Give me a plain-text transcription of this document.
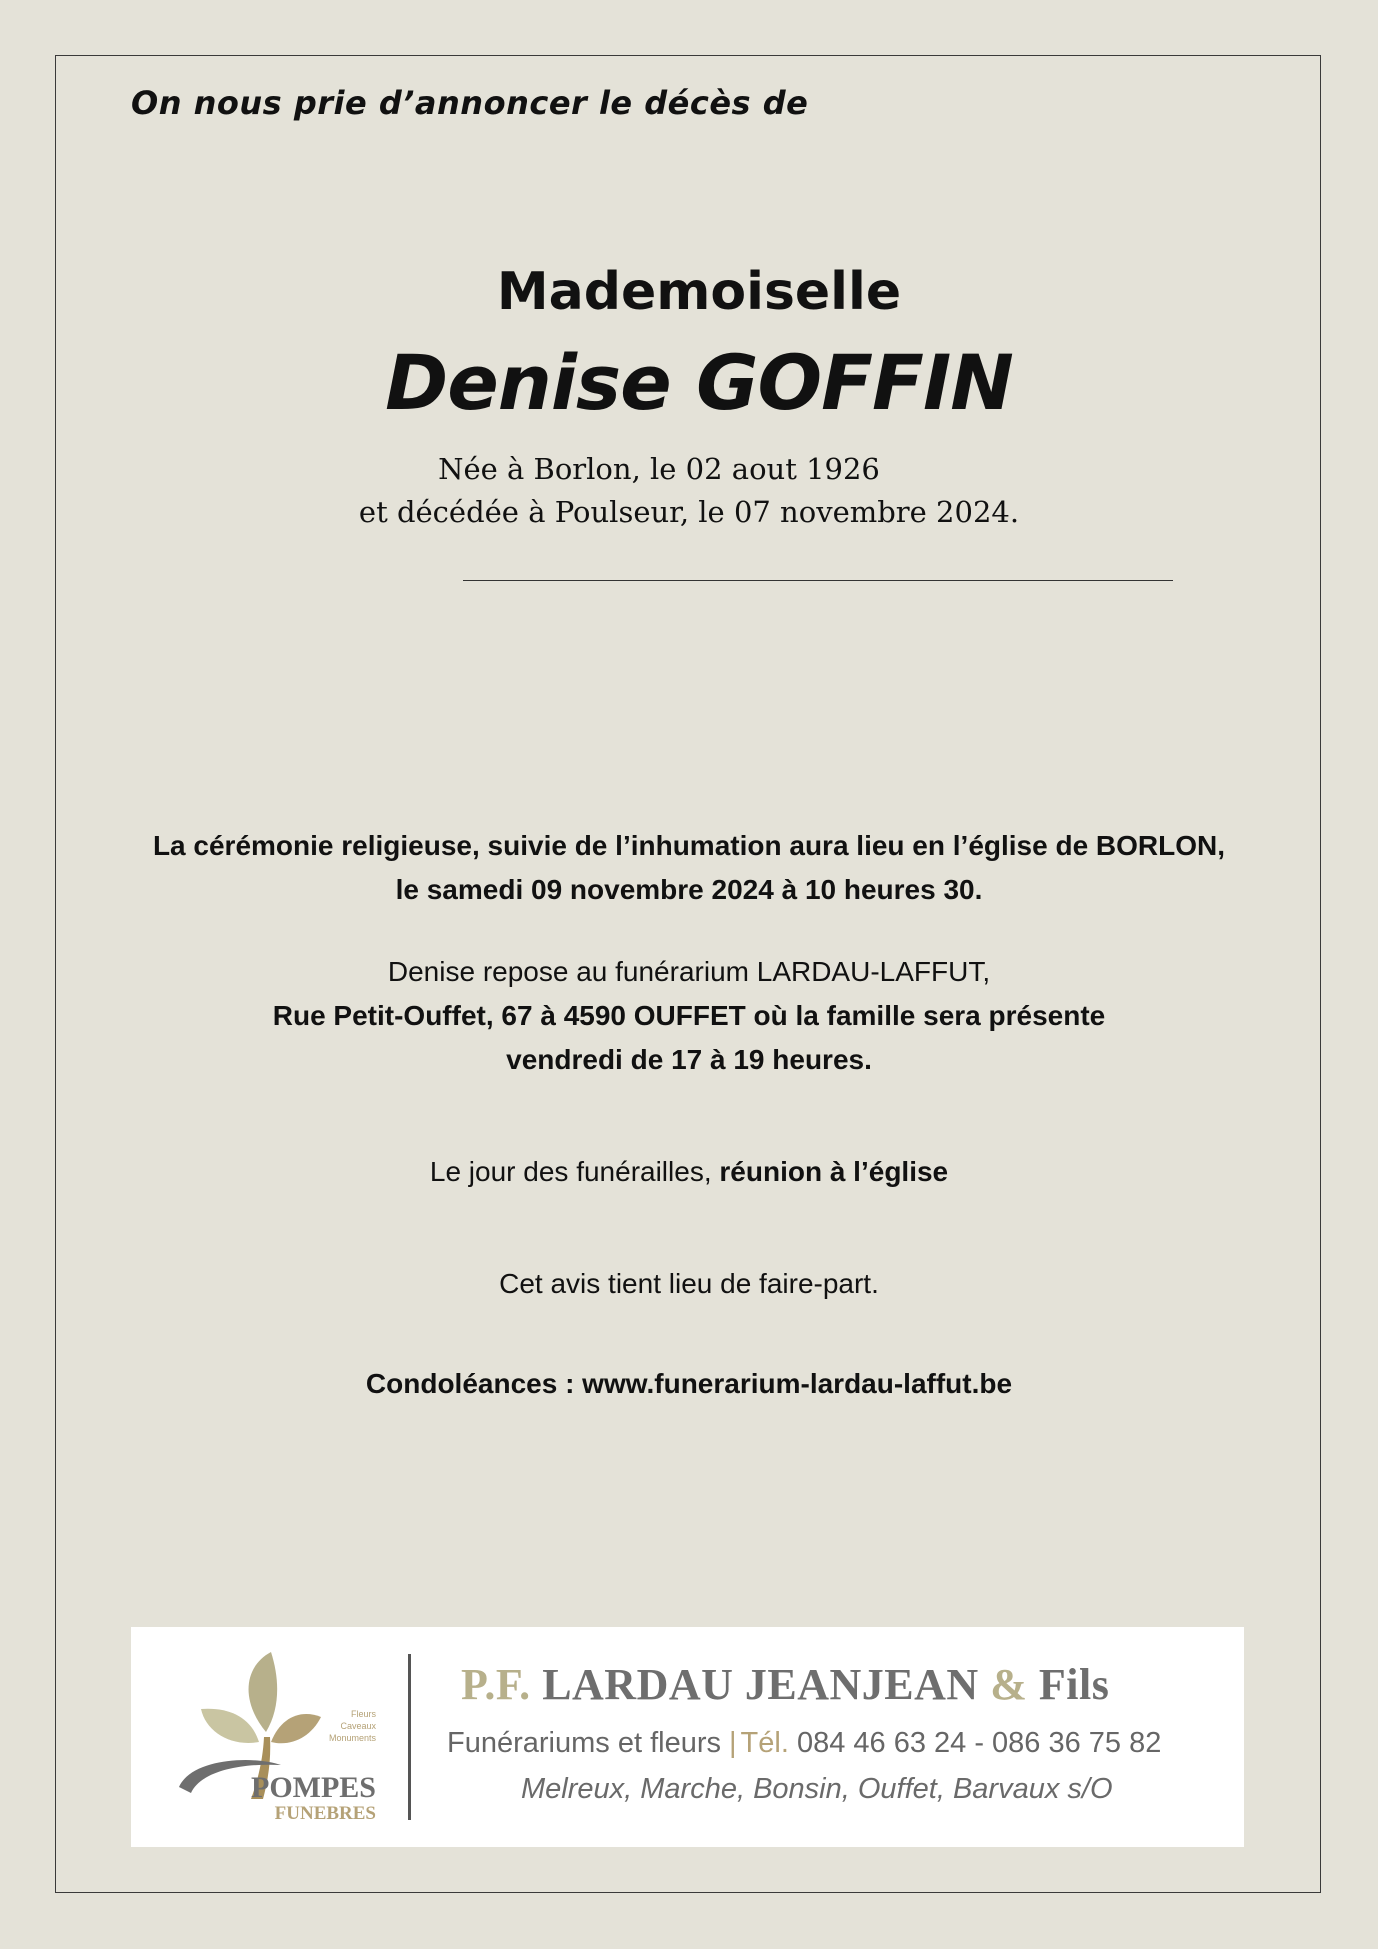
On nous prie d’annoncer le décès de
Mademoiselle
Denise GOFFIN
Née à Borlon, le 02 aout 1926
et décédée à Poulseur, le 07 novembre 2024.
La cérémonie religieuse, suivie de l’inhumation aura lieu en l’église de BORLON,
le samedi 09 novembre 2024 à 10 heures 30.
Denise repose au funérarium LARDAU-LAFFUT,
Rue Petit-Ouffet, 67 à 4590 OUFFET où la famille sera présente
vendredi de 17 à 19 heures.
Le jour des funérailles, réunion à l’église
Cet avis tient lieu de faire-part.
Condoléances : www.funerarium-lardau-laffut.be
Fleurs
Caveaux
Monuments
POMPES
FUNEBRES
P.F. LARDAU JEANJEAN & Fils
Funérariums et fleurs | Tél. 084 46 63 24 - 086 36 75 82
Melreux, Marche, Bonsin, Ouffet, Barvaux s/O
